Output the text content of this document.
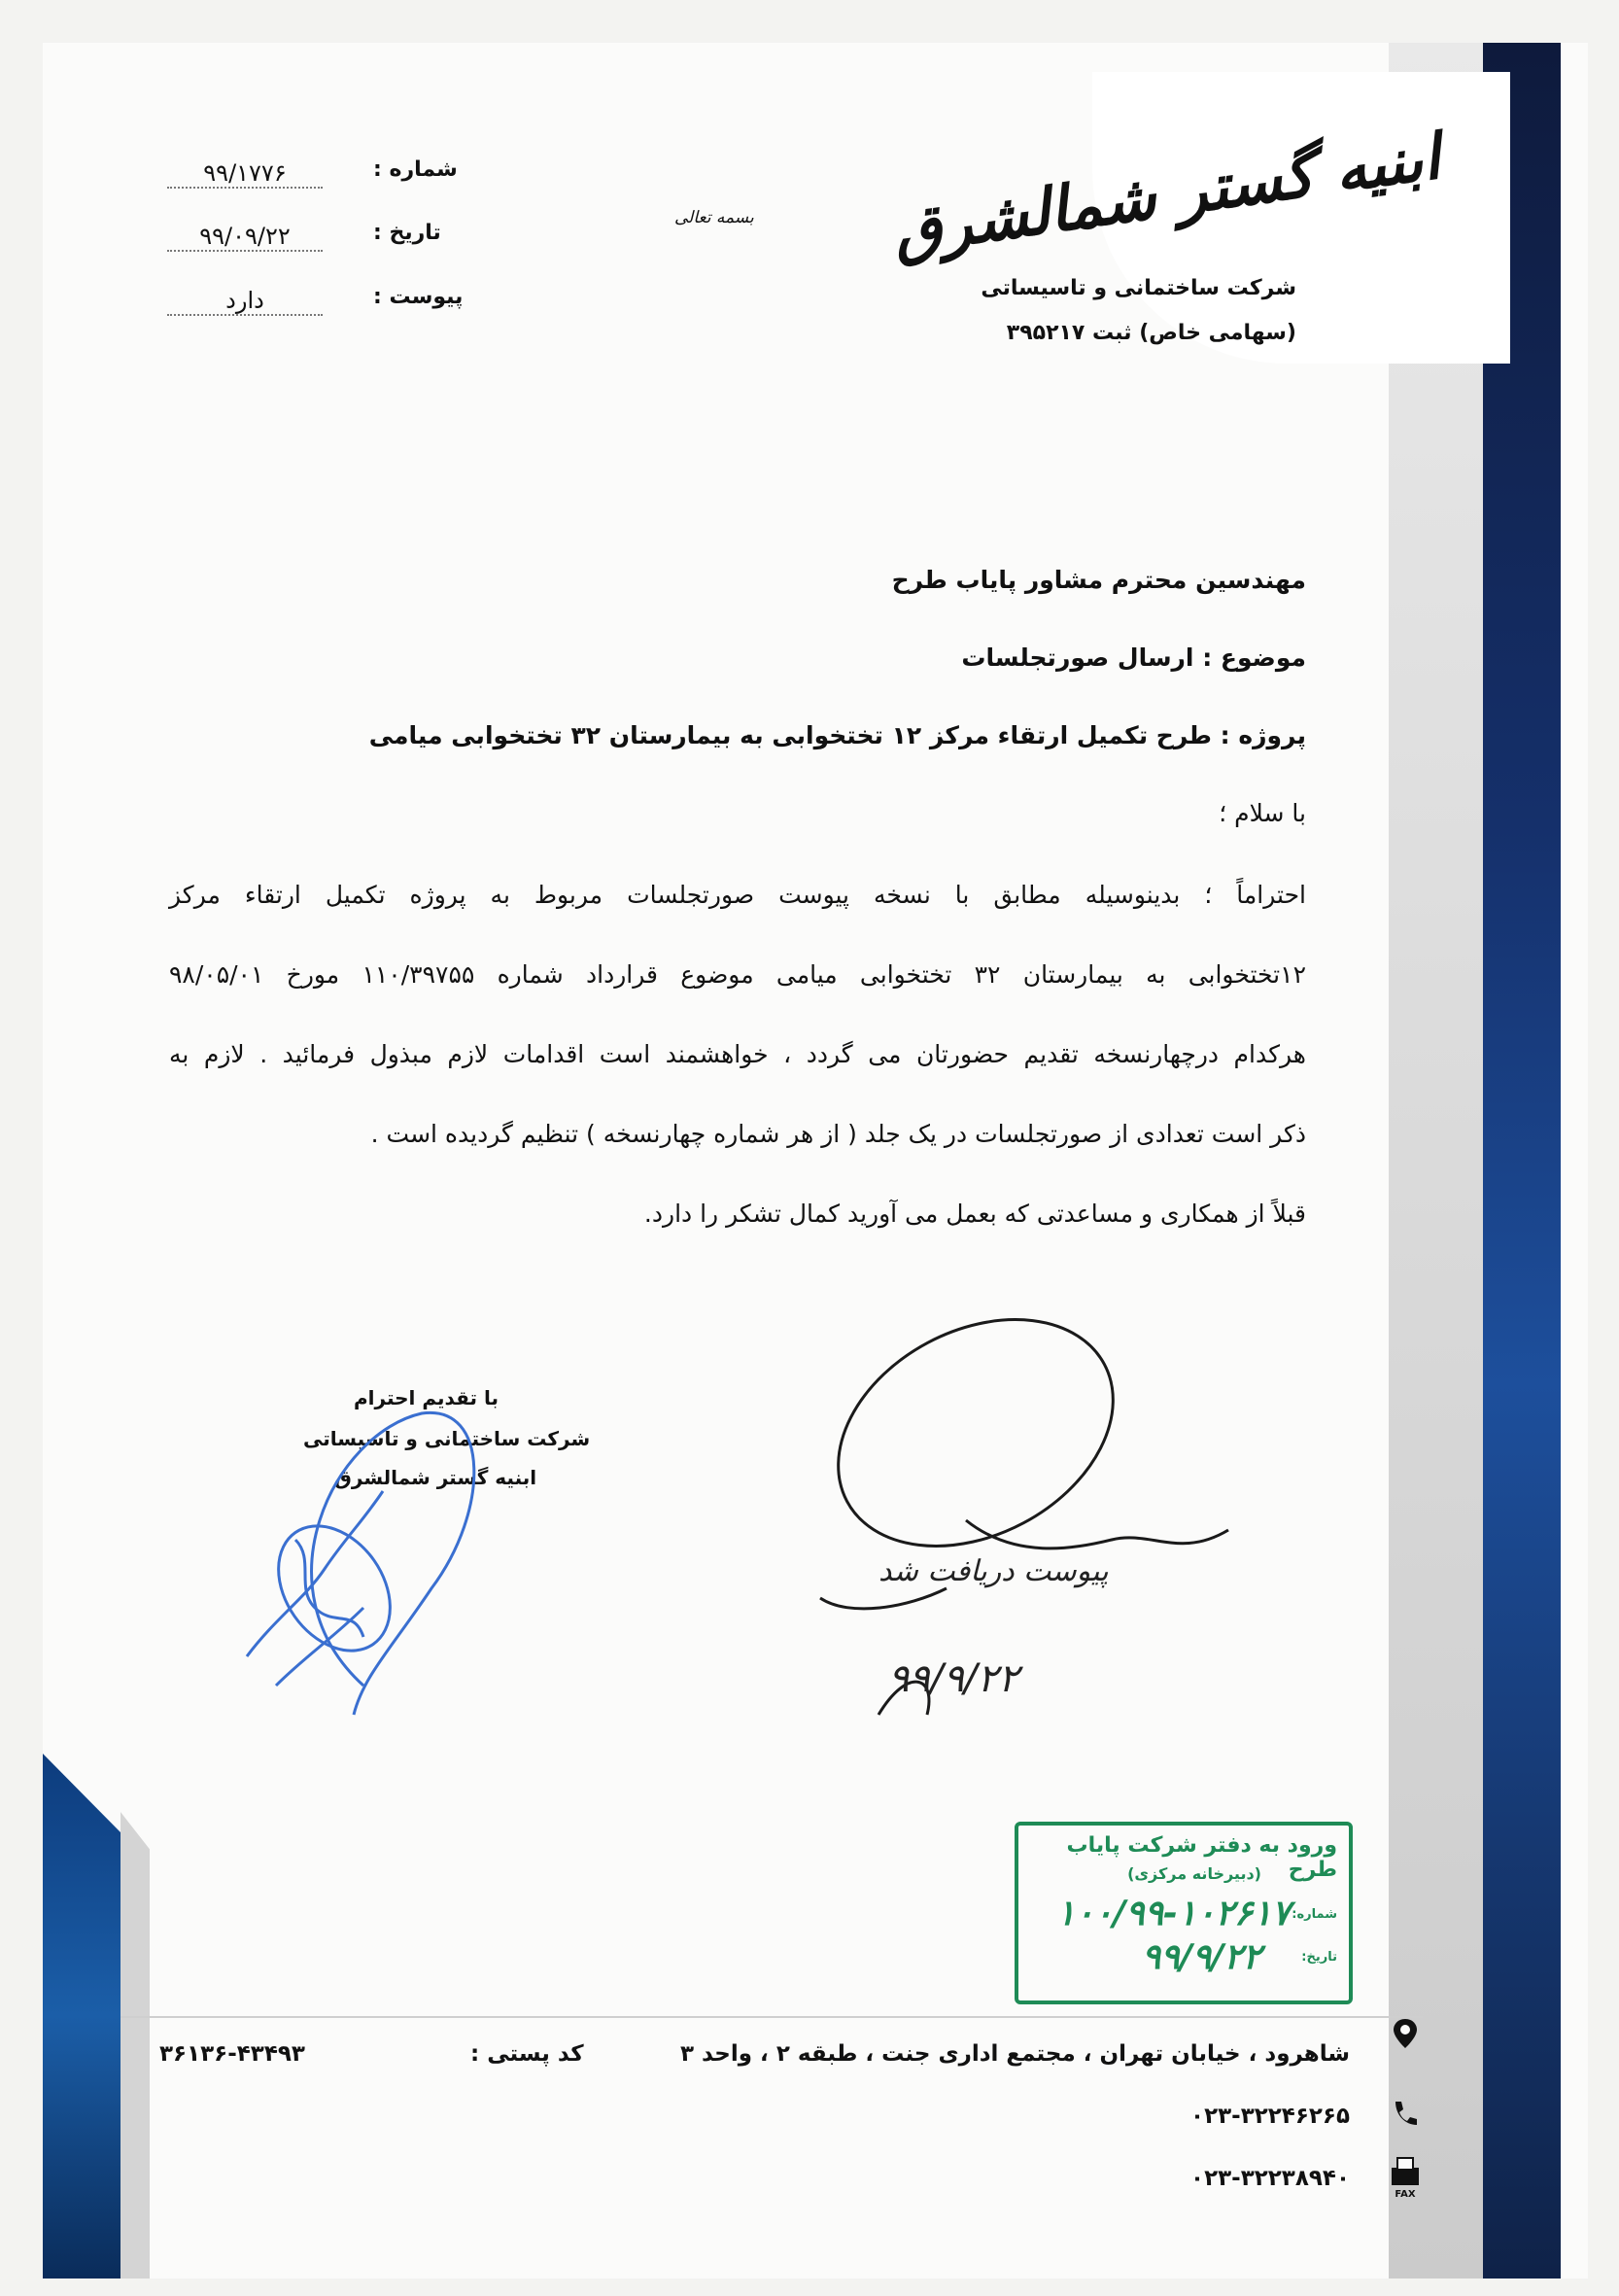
ابنیه گستر شمالشرق
شرکت ساختمانی و تاسیساتی
(سهامی خاص) ثبت ۳۹۵۲۱۷
شماره :
۹۹/۱۷۷۶
تاریخ :
۹۹/۰۹/۲۲
پیوست :
دارد
بسمه تعالی
مهندسین محترم مشاور پایاب طرح
موضوع : ارسال صورتجلسات
پروژه : طرح تکمیل ارتقاء مرکز ۱۲ تختخوابی به بیمارستان ۳۲ تختخوابی میامی
با سلام ؛
احتراماً ؛ بدینوسیله مطابق با نسخه پیوست صورتجلسات مربوط به پروژه تکمیل ارتقاء مرکز
۱۲تختخوابی به بیمارستان ۳۲ تختخوابی میامی موضوع قرارداد شماره ۱۱۰/۳۹۷۵۵ مورخ ۹۸/۰۵/۰۱
هرکدام درچهارنسخه تقدیم حضورتان می گردد ، خواهشمند است اقدامات لازم مبذول فرمائید . لازم به
ذکر است تعدادی از صورتجلسات در یک جلد ( از هر شماره چهارنسخه ) تنظیم گردیده است .
قبلاً از همکاری و مساعدتی که بعمل می آورید کمال تشکر را دارد.
با تقدیم احترام
شرکت ساختمانی و تاسیساتی
ابنیه گستر شمالشرق
پیوست دریافت شد
۹۹/۹/۲۲
ورود به دفتر شرکت پایاب طرح
(دبیرخانه مرکزی)
شماره:
۱۰۰/۹۹-۱۰۲۶۱۷
تاریخ:
۹۹/۹/۲۲
شاهرود ، خیابان تهران ، مجتمع اداری جنت ، طبقه ۲ ، واحد ۳
۰۲۳-۳۲۲۴۶۲۶۵
۰۲۳-۳۲۲۳۸۹۴۰
کد پستی :
۳۶۱۳۶-۴۳۴۹۳
FAX
